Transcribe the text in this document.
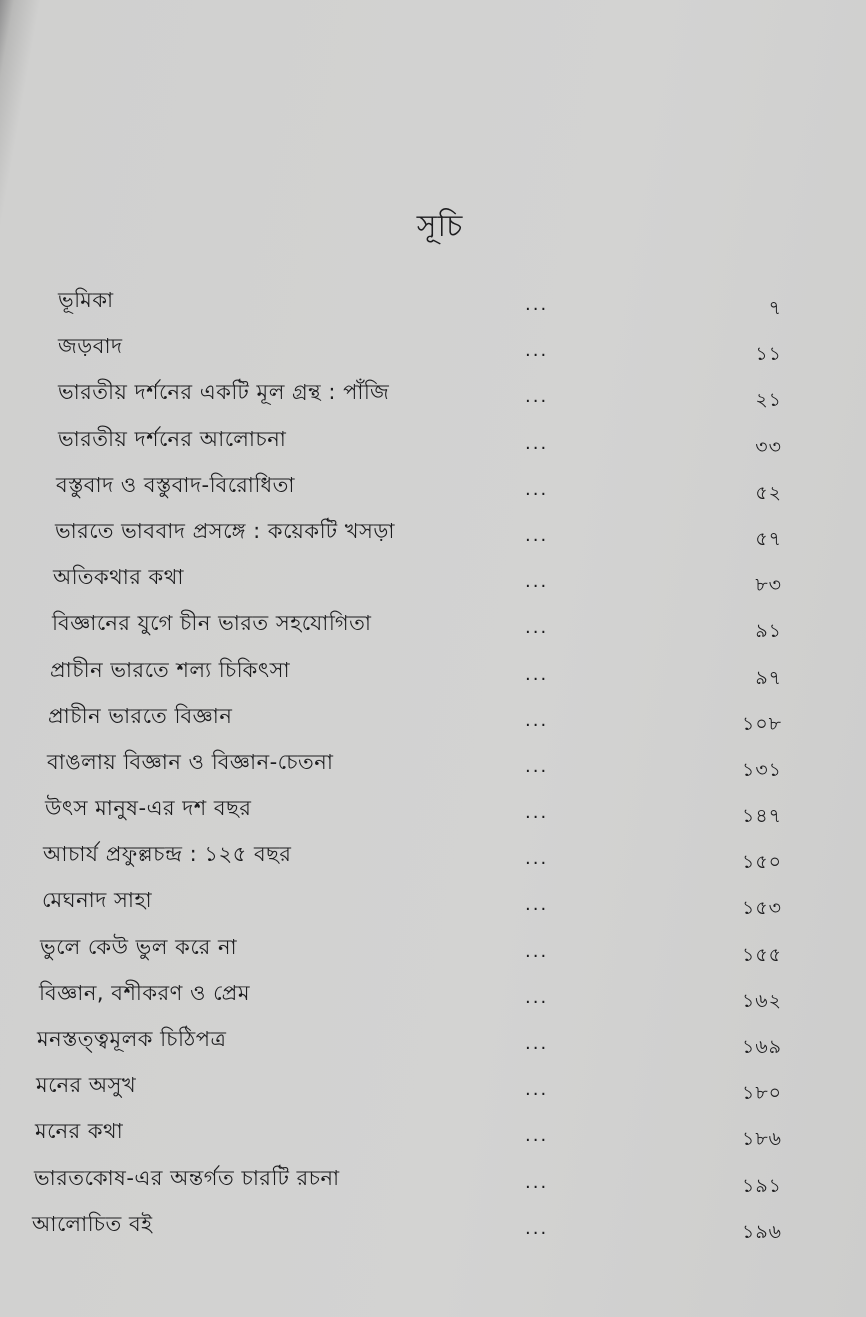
সূচি
ভূমিকা	...	৭
জড়বাদ	...	১১
ভারতীয় দর্শনের একটি মূল গ্রন্থ : পাঁজি	...	২১
ভারতীয় দর্শনের আলোচনা	...	৩৩
বস্তুবাদ ও বস্তুবাদ-বিরোধিতা	...	৫২
ভারতে ভাববাদ প্রসঙ্গে : কয়েকটি খসড়া	...	৫৭
অতিকথার কথা	...	৮৩
বিজ্ঞানের যুগে চীন ভারত সহযোগিতা	...	৯১
প্রাচীন ভারতে শল্য চিকিৎসা	...	৯৭
প্রাচীন ভারতে বিজ্ঞান	...	১০৮
বাঙলায় বিজ্ঞান ও বিজ্ঞান-চেতনা	...	১৩১
উৎস মানুষ-এর দশ বছর	...	১৪৭
আচার্য প্রফুল্লচন্দ্র : ১২৫ বছর	...	১৫০
মেঘনাদ সাহা	...	১৫৩
ভুলে কেউ ভুল করে না	...	১৫৫
বিজ্ঞান, বশীকরণ ও প্রেম	...	১৬২
মনস্তত্ত্বমূলক চিঠিপত্র	...	১৬৯
মনের অসুখ	...	১৮০
মনের কথা	...	১৮৬
ভারতকোষ-এর অন্তর্গত চারটি রচনা	...	১৯১
আলোচিত বই	...	১৯৬
